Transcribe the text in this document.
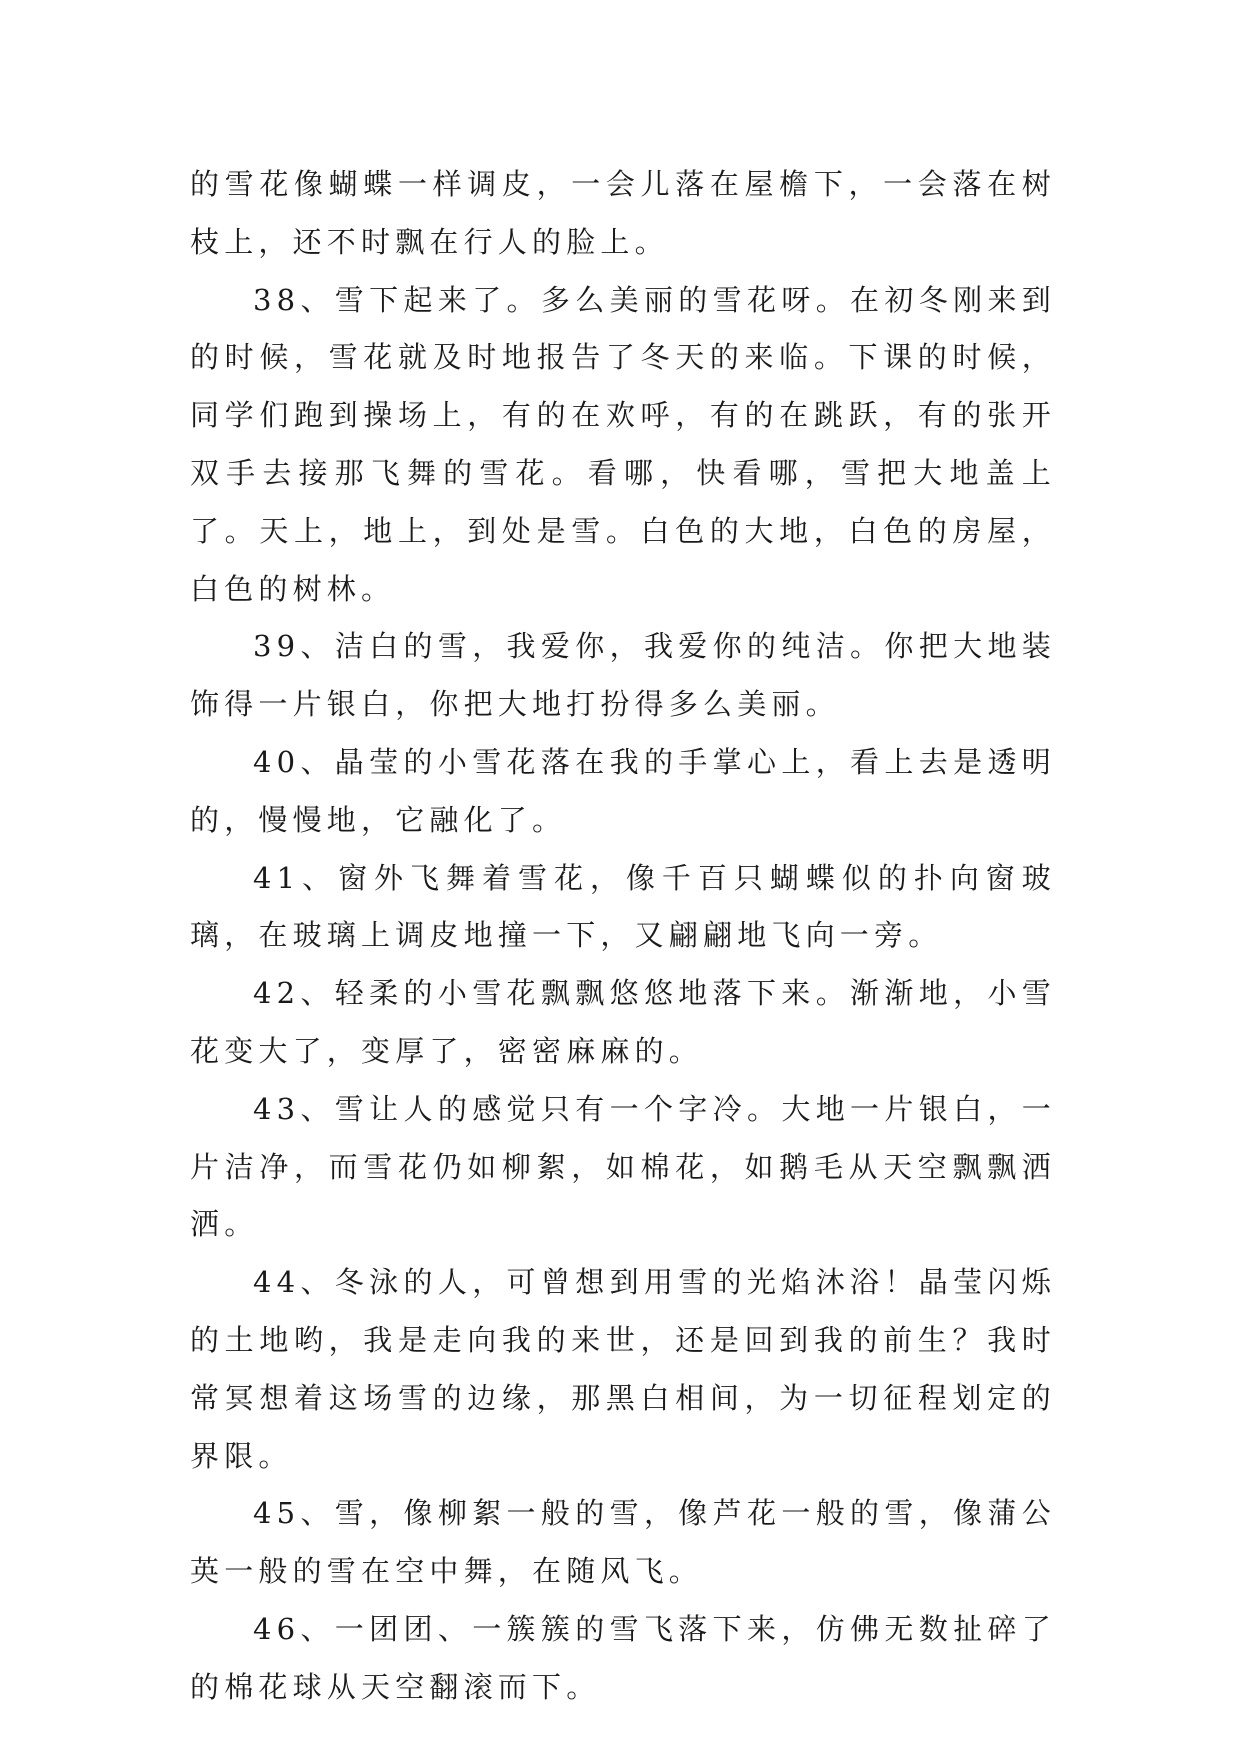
的雪花像蝴蝶一样调皮，一会儿落在屋檐下，一会落在树枝上，还不时飘在行人的脸上。

38、雪下起来了。多么美丽的雪花呀。在初冬刚来到的时候，雪花就及时地报告了冬天的来临。下课的时候，同学们跑到操场上，有的在欢呼，有的在跳跃，有的张开双手去接那飞舞的雪花。看哪，快看哪，雪把大地盖上了。天上，地上，到处是雪。白色的大地，白色的房屋，白色的树林。

39、洁白的雪，我爱你，我爱你的纯洁。你把大地装饰得一片银白，你把大地打扮得多么美丽。

40、晶莹的小雪花落在我的手掌心上，看上去是透明的，慢慢地，它融化了。

41、窗外飞舞着雪花，像千百只蝴蝶似的扑向窗玻璃，在玻璃上调皮地撞一下，又翩翩地飞向一旁。

42、轻柔的小雪花飘飘悠悠地落下来。渐渐地，小雪花变大了，变厚了，密密麻麻的。

43、雪让人的感觉只有一个字冷。大地一片银白，一片洁净，而雪花仍如柳絮，如棉花，如鹅毛从天空飘飘洒洒。

44、冬泳的人，可曾想到用雪的光焰沐浴！晶莹闪烁的土地哟，我是走向我的来世，还是回到我的前生？我时常冥想着这场雪的边缘，那黑白相间，为一切征程划定的界限。

45、雪，像柳絮一般的雪，像芦花一般的雪，像蒲公英一般的雪在空中舞，在随风飞。

46、一团团、一簇簇的雪飞落下来，仿佛无数扯碎了的棉花球从天空翻滚而下。
